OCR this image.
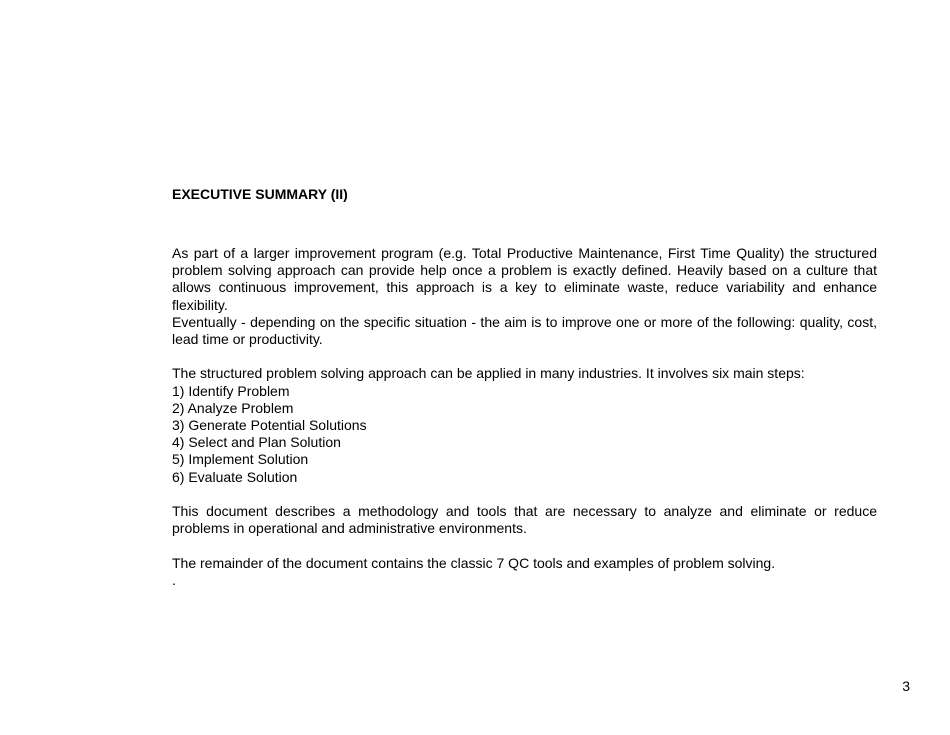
EXECUTIVE SUMMARY (II)

As part of a larger improvement program (e.g. Total Productive Maintenance, First Time Quality) the structured problem solving approach can provide help once a problem is exactly defined. Heavily based on a culture that allows continuous improvement, this approach is a key to eliminate waste, reduce variability and enhance flexibility.

Eventually - depending on the specific situation - the aim is to improve one or more of the following: quality, cost, lead time or productivity.

The structured problem solving approach can be applied in many industries. It involves six main steps:

1) Identify Problem
2) Analyze Problem
3) Generate Potential Solutions
4) Select and Plan Solution
5) Implement Solution
6) Evaluate Solution

This document describes a methodology and tools that are necessary to analyze and eliminate or reduce problems in operational and administrative environments.

The remainder of the document contains the classic 7 QC tools and examples of problem solving.

.

3
